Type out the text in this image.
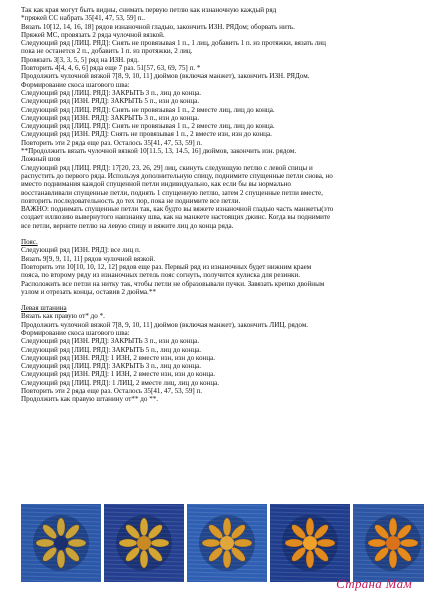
Так как края могут быть видны, снимать первую петлю как изнаночную каждый ряд
*пряжей СС набрать 35[41, 47, 53, 59] п..
Вязать 10[12, 14, 16, 18] рядов изнаночной гладью, закончить ИЗН. РЯДом; оборвать нить.
Пряжей МС, провязать 2 ряда чулочной вязкой.
Следующий ряд [ЛИЦ. РЯД]: Снять не провязывая 1 п., 1 лиц, добавить 1 п. из протяжки, вязать лиц
пока не останется 2 п., добавить 1 п. из протяжки, 2 лиц.
Провязать 3[3, 3, 5, 5] ряд на ИЗН. ряд.
Повторить 4[4, 4, 6, 6] ряда еще 7 раз. 51[57, 63, 69, 75] п. *
Продолжить чулочной вязкой 7[8, 9, 10, 11] дюймов (включая манжет), закончить ИЗН. РЯДом.
Формирование скоса шагового шва:
Следующий ряд [ЛИЦ. РЯД]: ЗАКРЫТЬ 3 п., лиц до конца.
Следующий ряд [ИЗН. РЯД]: ЗАКРЫТЬ 5 п., изн до конца.
Следующий ряд [ЛИЦ. РЯД]: Снять не провязывая 1 п., 2 вместе лиц, лиц до конца.
Следующий ряд [ИЗН. РЯД]: ЗАКРЫТЬ 3 п., изн до конца.
Следующий ряд [ЛИЦ. РЯД]: Снять не провязывая 1 п., 2 вместе лиц, лиц до конца.
Следующий ряд [ИЗН. РЯД]: Снять не провязывая 1 п., 2 вместе изн, изн до конца.
Повторить эти 2 ряда еще раз. Осталось 35[41, 47, 53, 59] п.
**Продолжить вязать чулочной вязкой 10[11.5, 13, 14.5, 16] дюймов, закончить изн. рядом.
Ложный шов
Следующий ряд [ЛИЦ. РЯД]: 17[20, 23, 26, 29] лиц, скинуть следующую петлю с левой спицы и
распустить до первого ряда. Используя дополнительную спицу, поднимите спущенные петли снова, но
вместо поднимания каждой спущенной петли индивидуально, как если бы вы нормально
восстанавливали спущенные петли, поднять 1 спущенную петлю, затем 2 спущенные петли вместе,
повторить последовательность до тех пор, пока не поднимите все петли.
ВАЖНО: поднимать спущенные петли так, как будто вы вяжете изнаночной гладью часть манжеты(это
создает иллюзию вывернутого наизнанку шва, как на манжете настоящих джинс. Когда вы поднимите
все петли, верните петлю на левую спицу и вяжите лиц до конца ряда.
Пояс.
Следующий ряд [ИЗН. РЯД]: все лиц п.
Вязать 9[9, 9, 11, 11] рядов чулочной вязкой.
Повторить эти 10[10, 10, 12, 12] рядов еще раз. Первый ряд из изнаночных будет нижним краем
пояса, по второму ряду из изнаночных петель пояс согнуть, получится кулиска для резинки.
Расположить все петли на нитку так, чтобы петли не образовывали пучки. Завязать крепко двойным
узлом и отрезать концы, оставив 2 дюйма.**
Левая штанина
Вязать как правую от* до *.
Продолжить чулочной вязкой 7[8, 9, 10, 11] дюймов (включая манжет), закончить ЛИЦ. рядом.
Формирование скоса шагового шва:
Следующий ряд [ИЗН. РЯД]: ЗАКРЫТЬ 3 п., изн до конца.
Следующий ряд [ЛИЦ. РЯД]: ЗАКРЫТЬ 5 п., лиц до конца.
Следующий ряд [ИЗН. РЯД]: 1 ИЗН, 2 вместе изн, изн до конца.
Следующий ряд [ЛИЦ. РЯД]: ЗАКРЫТЬ 3 п., лиц до конца.
Следующий ряд [ИЗН. РЯД]: 1 ИЗН, 2 вместе изн, изн до конца.
Следующий ряд [ЛИЦ. РЯД]: 1 ЛИЦ, 2 вместе лиц, лиц до конца.
Повторить эти 2 ряда еще раз. Осталось 35[41, 47, 53, 59] п.
Продолжить как правую штанину от** до **.
Страна Мам
